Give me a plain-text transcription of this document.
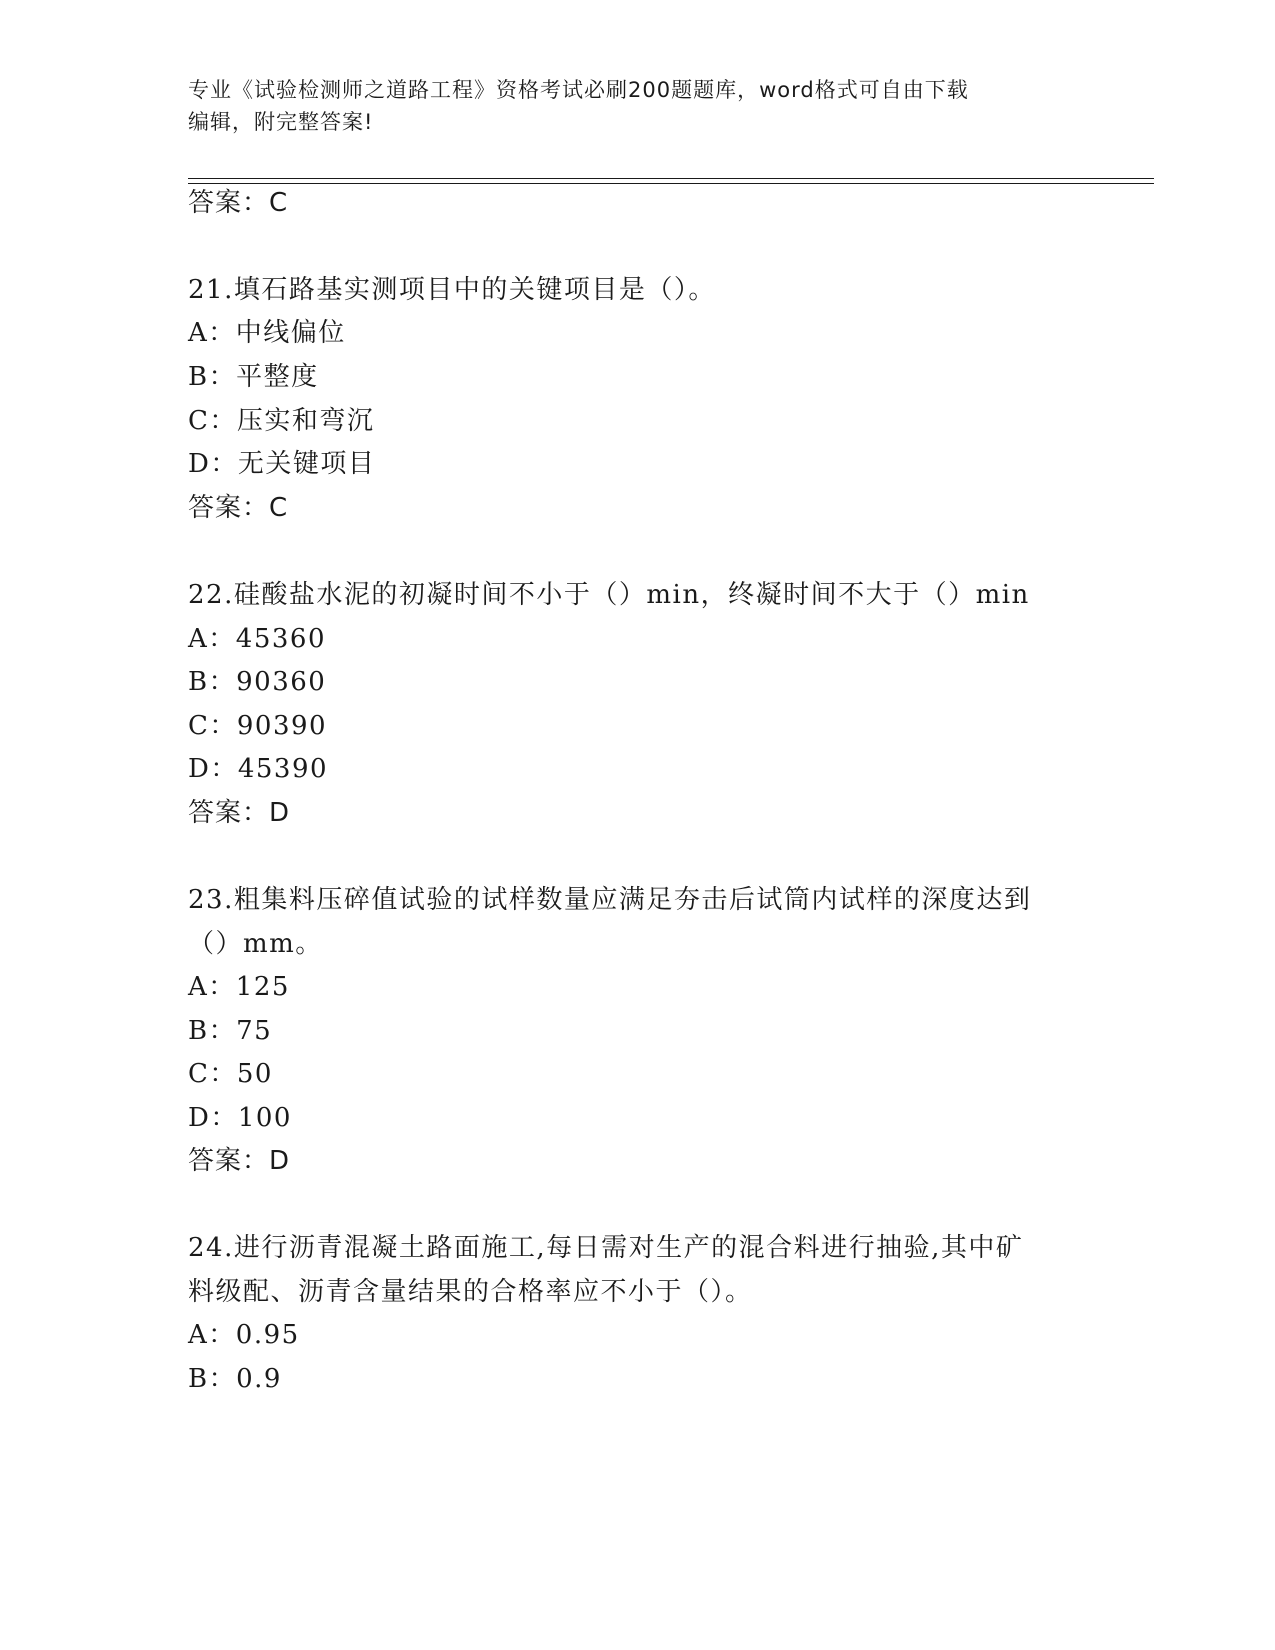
专业《试验检测师之道路工程》资格考试必刷200题题库，word格式可自由下载
编辑，附完整答案!
答案：C
21.填石路基实测项目中的关键项目是（）。
A：中线偏位
B：平整度
C：压实和弯沉
D：无关键项目
答案：C
22.硅酸盐水泥的初凝时间不小于（）min，终凝时间不大于（）min
A：45360
B：90360
C：90390
D：45390
答案：D
23.粗集料压碎值试验的试样数量应满足夯击后试筒内试样的深度达到
（）mm。
A：125
B：75
C：50
D：100
答案：D
24.进行沥青混凝土路面施工,每日需对生产的混合料进行抽验,其中矿
料级配、沥青含量结果的合格率应不小于（）。
A：0.95
B：0.9
